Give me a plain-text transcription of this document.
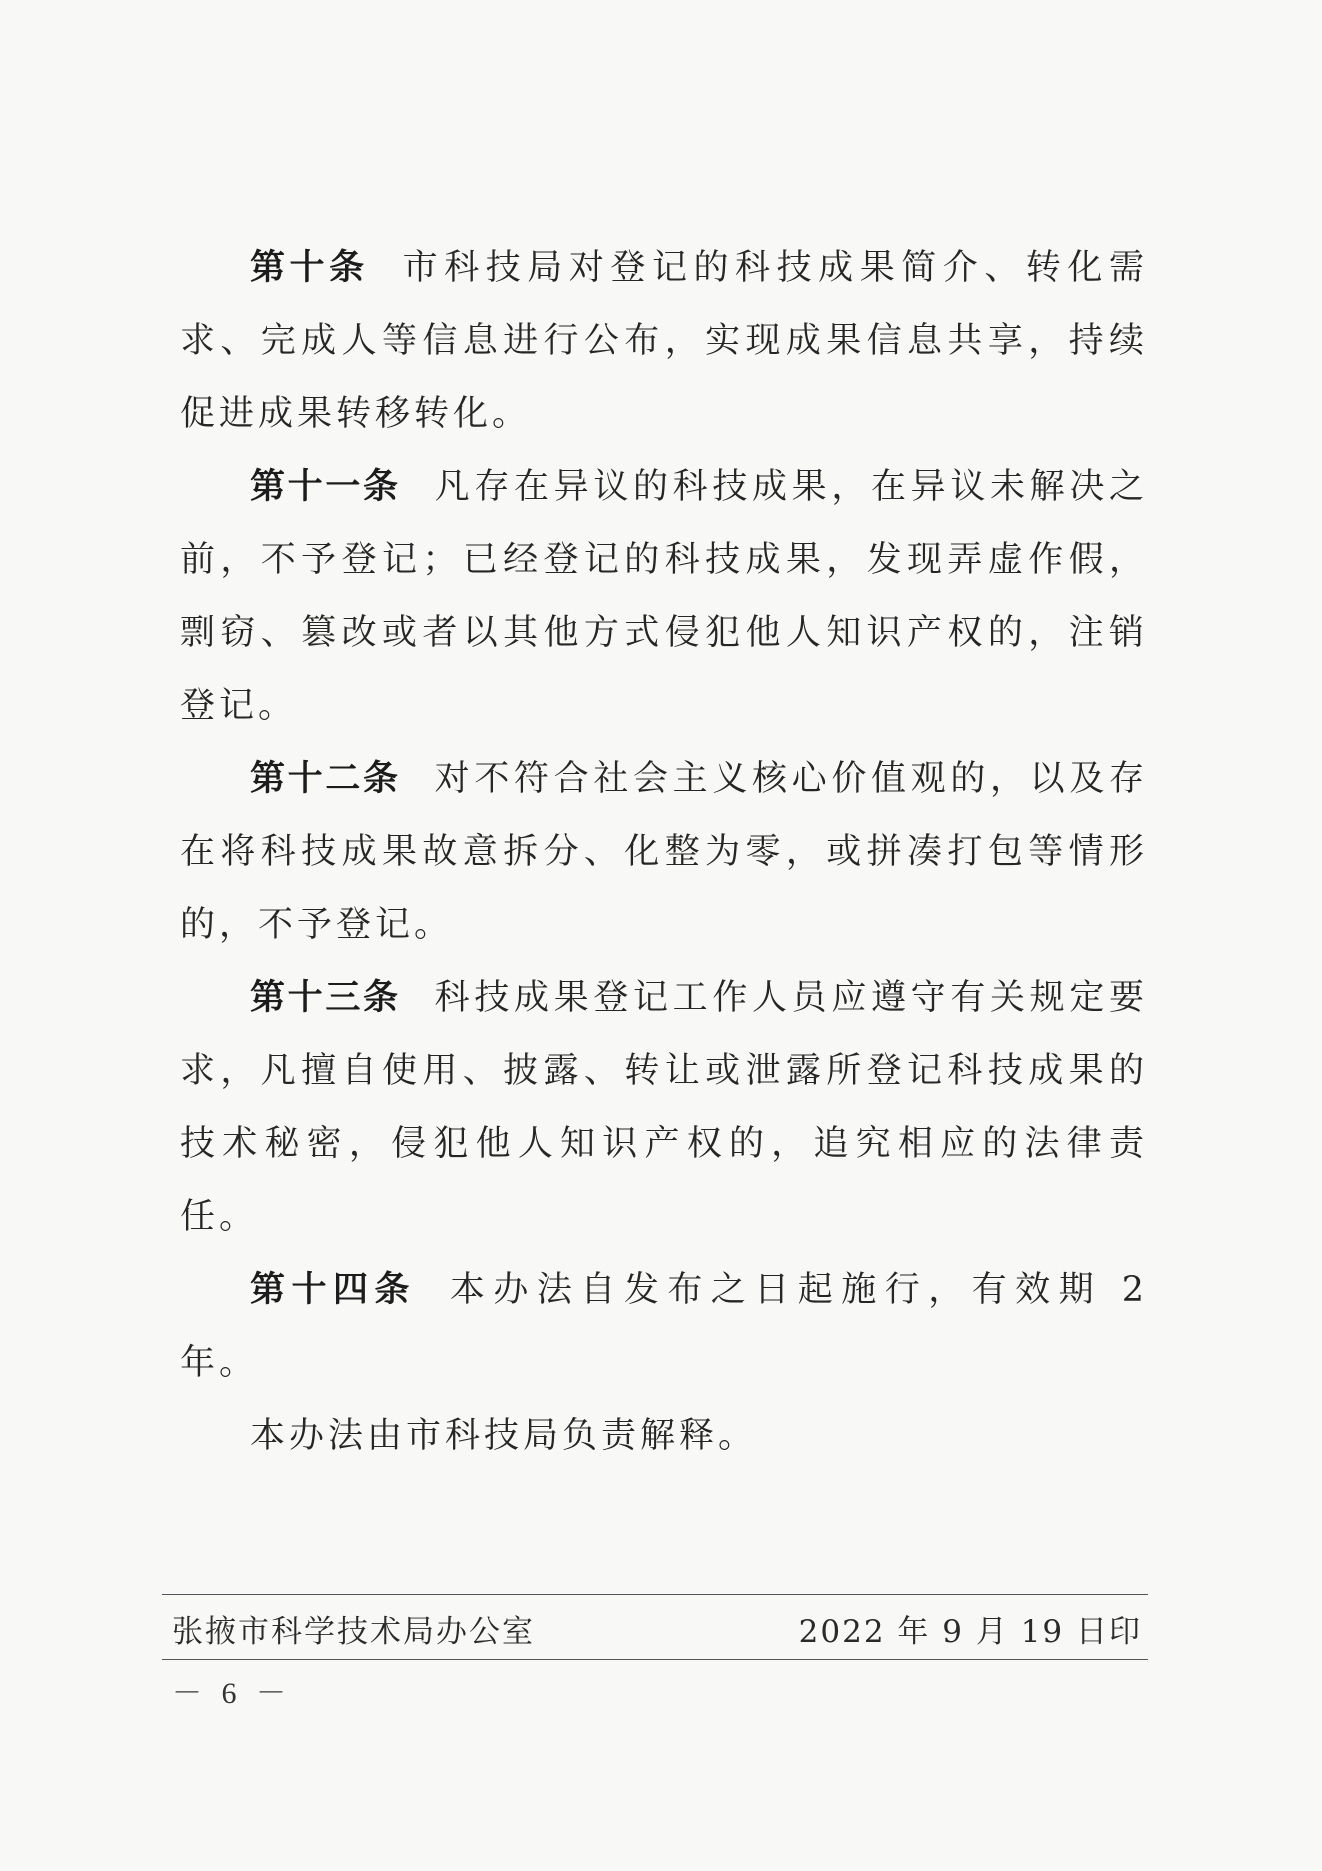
第十条 市科技局对登记的科技成果简介、转化需求、完成人等信息进行公布，实现成果信息共享，持续促进成果转移转化。

第十一条 凡存在异议的科技成果，在异议未解决之前，不予登记；已经登记的科技成果，发现弄虚作假，剽窃、篡改或者以其他方式侵犯他人知识产权的，注销登记。

第十二条 对不符合社会主义核心价值观的，以及存在将科技成果故意拆分、化整为零，或拼凑打包等情形的，不予登记。

第十三条 科技成果登记工作人员应遵守有关规定要求，凡擅自使用、披露、转让或泄露所登记科技成果的技术秘密，侵犯他人知识产权的，追究相应的法律责任。

第十四条 本办法自发布之日起施行，有效期 2 年。

本办法由市科技局负责解释。

张掖市科学技术局办公室	2022 年 9 月 19 日印
－ 6 －
